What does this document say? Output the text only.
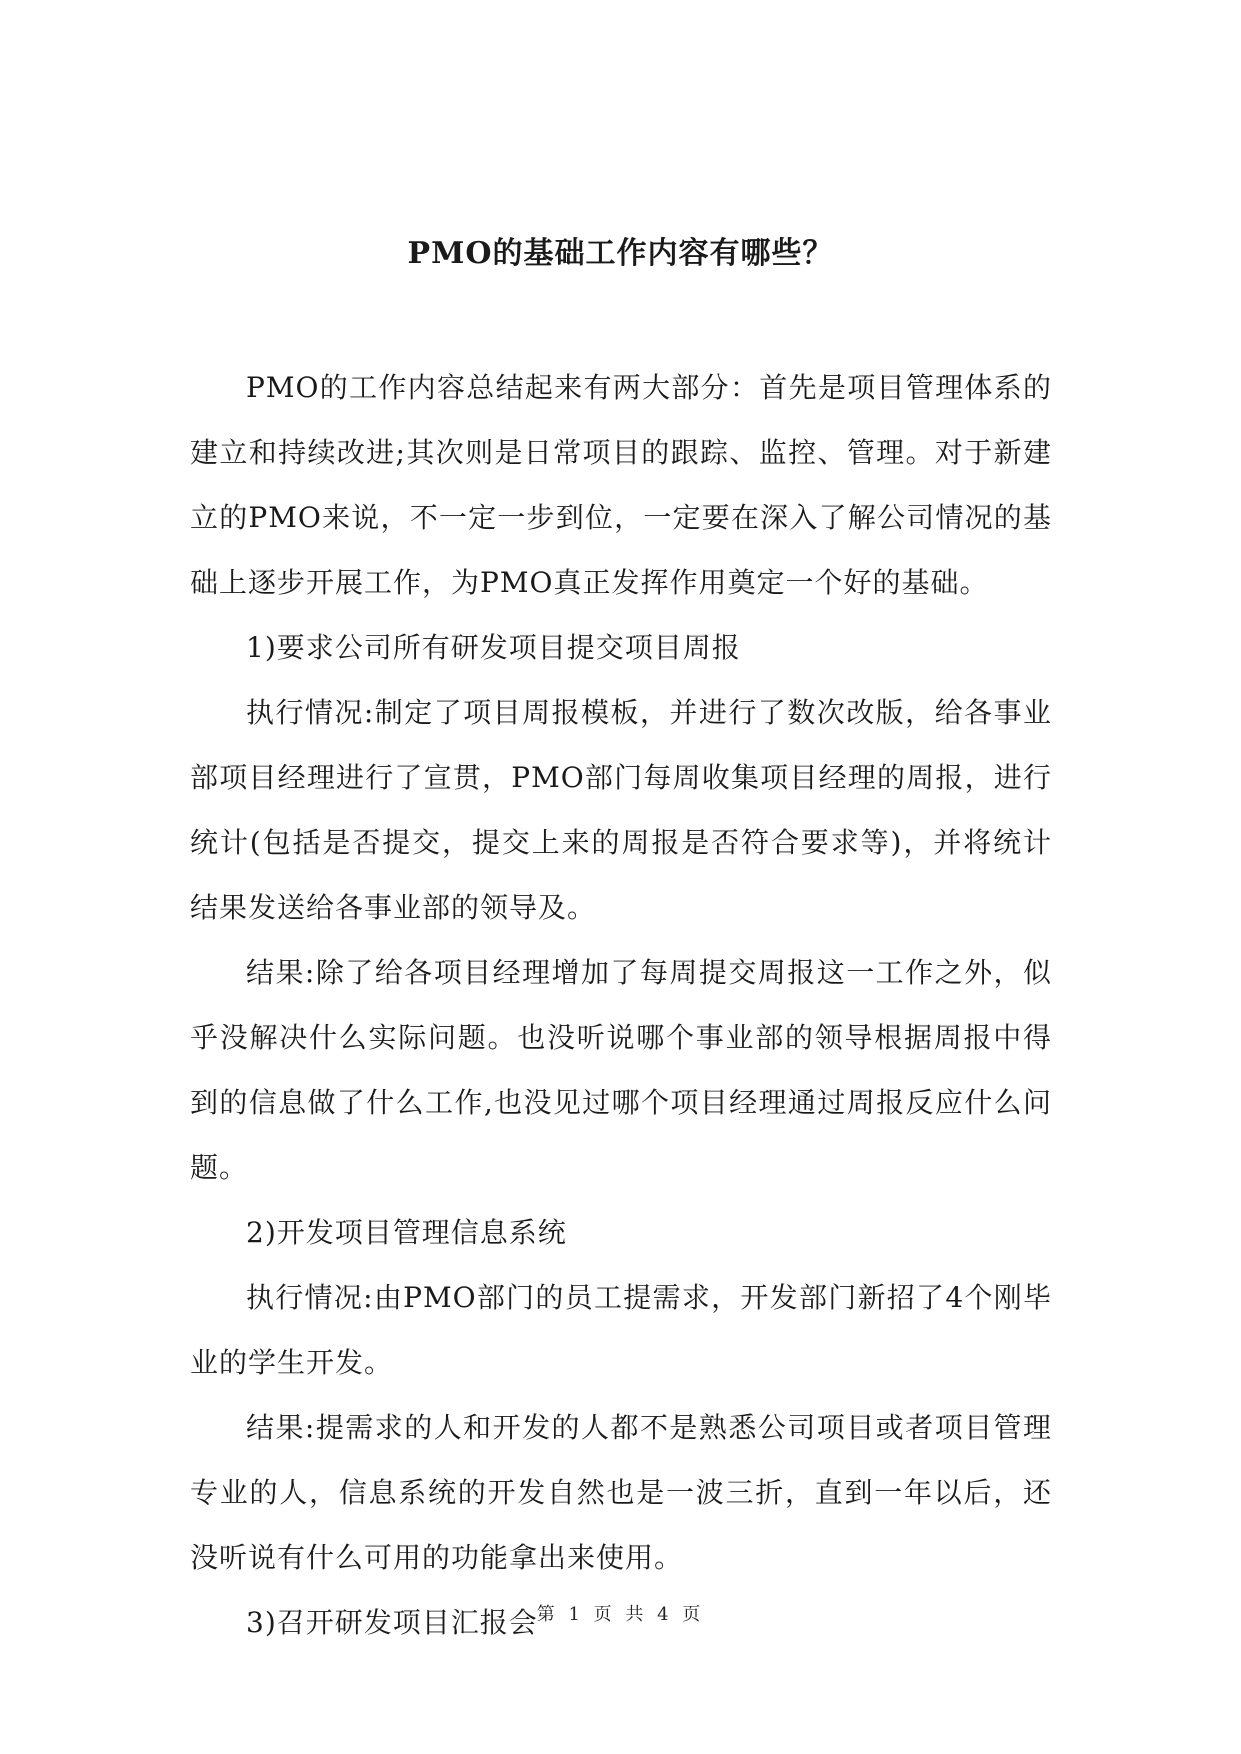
PMO的基础工作内容有哪些？

PMO的工作内容总结起来有两大部分：首先是项目管理体系的建立和持续改进;其次则是日常项目的跟踪、监控、管理。对于新建立的PMO来说，不一定一步到位，一定要在深入了解公司情况的基础上逐步开展工作，为PMO真正发挥作用奠定一个好的基础。

1)要求公司所有研发项目提交项目周报

执行情况:制定了项目周报模板，并进行了数次改版，给各事业部项目经理进行了宣贯，PMO部门每周收集项目经理的周报，进行统计(包括是否提交，提交上来的周报是否符合要求等)，并将统计结果发送给各事业部的领导及。

结果:除了给各项目经理增加了每周提交周报这一工作之外，似乎没解决什么实际问题。也没听说哪个事业部的领导根据周报中得到的信息做了什么工作,也没见过哪个项目经理通过周报反应什么问题。

2)开发项目管理信息系统

执行情况:由PMO部门的员工提需求，开发部门新招了4个刚毕业的学生开发。

结果:提需求的人和开发的人都不是熟悉公司项目或者项目管理专业的人，信息系统的开发自然也是一波三折，直到一年以后，还没听说有什么可用的功能拿出来使用。

3)召开研发项目汇报会

第 1 页 共 4 页
